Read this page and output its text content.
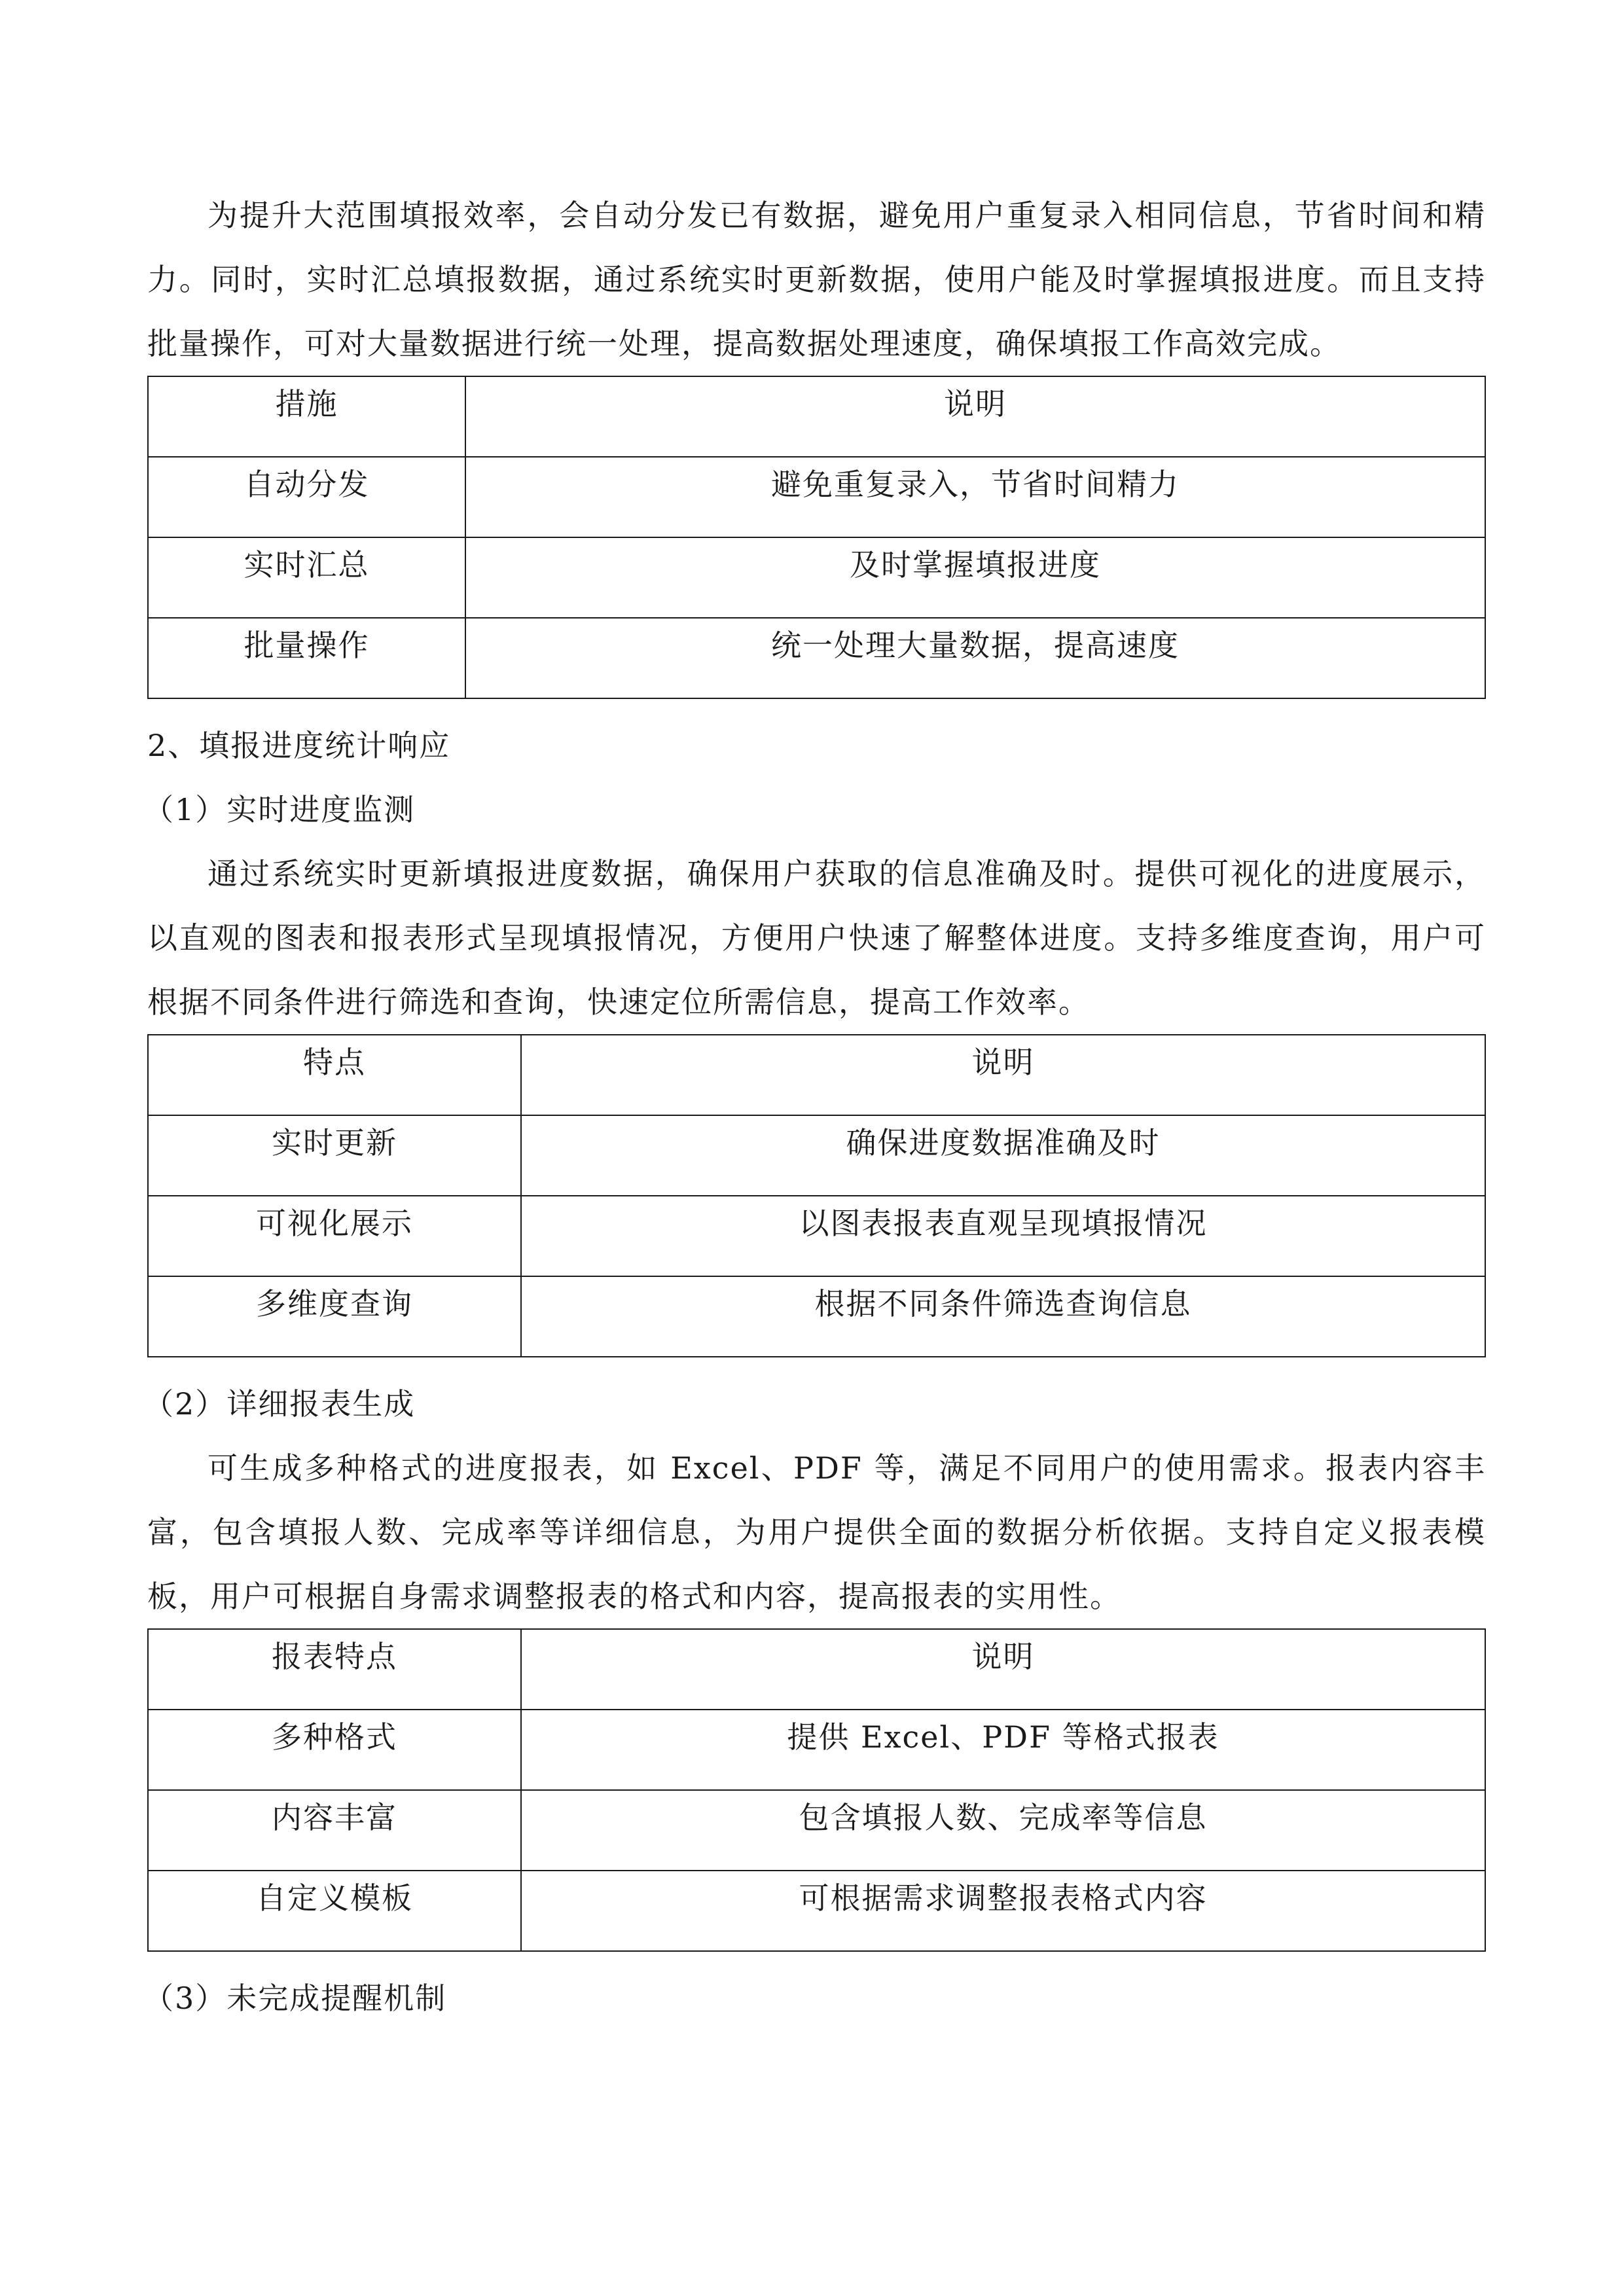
为提升大范围填报效率，会自动分发已有数据，避免用户重复录入相同信息，节省时间和精力。同时，实时汇总填报数据，通过系统实时更新数据，使用户能及时掌握填报进度。而且支持批量操作，可对大量数据进行统一处理，提高数据处理速度，确保填报工作高效完成。

措施	说明
自动分发	避免重复录入，节省时间精力
实时汇总	及时掌握填报进度
批量操作	统一处理大量数据，提高速度

2、填报进度统计响应

（1）实时进度监测

通过系统实时更新填报进度数据，确保用户获取的信息准确及时。提供可视化的进度展示，以直观的图表和报表形式呈现填报情况，方便用户快速了解整体进度。支持多维度查询，用户可根据不同条件进行筛选和查询，快速定位所需信息，提高工作效率。

特点	说明
实时更新	确保进度数据准确及时
可视化展示	以图表报表直观呈现填报情况
多维度查询	根据不同条件筛选查询信息

（2）详细报表生成

可生成多种格式的进度报表，如 Excel、PDF 等，满足不同用户的使用需求。报表内容丰富，包含填报人数、完成率等详细信息，为用户提供全面的数据分析依据。支持自定义报表模板，用户可根据自身需求调整报表的格式和内容，提高报表的实用性。

报表特点	说明
多种格式	提供 Excel、PDF 等格式报表
内容丰富	包含填报人数、完成率等信息
自定义模板	可根据需求调整报表格式内容

（3）未完成提醒机制
